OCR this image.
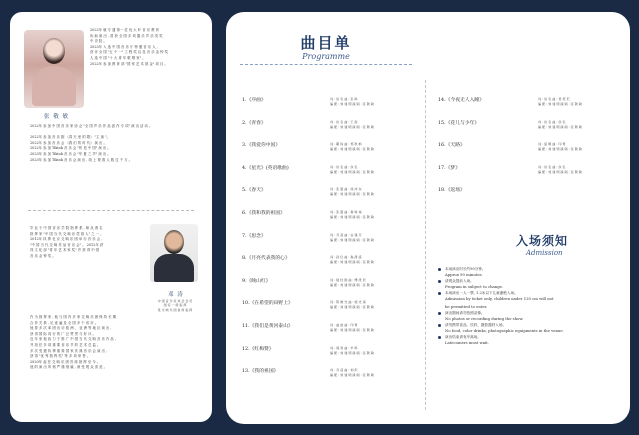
张 敬 敏
2022年 就 专 通 第一 佐 优 大 叶 音 乐 教 育
协 助 演 出 , 曾 获 全 国 多 项 器 乐 声 乐 类 奖
中 央 院 。
2023年 入 选 中 国 音 乐 厅 特 邀 音 乐 人 ,
获 评 全 国 "五 个 一" 工 程 奖 以 及 音 乐 金 钟 奖
人 选 中 国 "十 大 青 年 歌 唱 家" 。
2022年 参 加 教 育 部 "国 家 艺 术 基 金" 项 目 。
2022年 参 加 中 国 音 乐 家 协 会 "全 国 声 乐 作 品 创 作 专 项" 演 出 活 动 。

2022年 参 加 音 乐 剧 《春 天 里 的 歌》 "主 演 "。
2022年 参 加 音 乐 会 《我 们 的 时 代》 演 出 。
2022年 参 加 Tiktok 音 乐 会 "听 见 中 国" 演 出 。
2023年 参 加 Tiktok 音 乐 会 "华 夏 之 声" 演 出 。
2023年 参 加 Tiktok 音 乐 会 演 出 , 线 上 观 看 人 数 过 千 万 。
毕 业 于 中 国 音 乐 学 院 指 挥 系 , 师 从 著 名
指 挥 家 "中 国 当 代 交 响 乐 奠 基 人" 之 一 。
2012年 执 棒 北 京 交 响 乐 团 举 办 音 乐 会 ,
"中 国 当 代 交 响 作 品 音 乐 会" 。 2012年 获
得 文 化 部 "青 年 艺 术 家 奖" 并 获 得 中 国
音 乐 金 钟 奖 。
邓 涛
中 国 音 乐 家 协 会 会 员
国 家 一 级 指 挥
某 交 响 乐 团 首 席 指 挥
作 为 指 挥 家 , 他 与 国 内 多 家 交 响 乐 团 保 持 长 期
合 作 关 系 , 足 迹 遍 及 全 国 多 个 省 市 。
他 曾 多 次 率 团 出 访 欧 洲 、 亚 洲 等 地 区 演 出 ,
获 得 国 际 同 行 的 广 泛 赞 誉 与 好 评 。
近 年 来 他 致 力 于 推 广 中 国 当 代 交 响 音 乐 作 品 ,
并 担 任 多 项 重 要 音 乐 节 的 艺 术 总 监 。
多 次 受 邀 执 棒 重 要 国 家 庆 典 音 乐 会 演 出 ,
获 得 "优 秀 指 挥 奖" 等 多 项 荣 誉 。
2020年 起 任 交 响 乐 团 首 席 指 挥 至 今 。
他 的 演 出 风 格 严 谨 细 腻 , 深 受 观 众 喜 爱 。
曲目单
Programme
1.《序曲》	词 : 佚 名 曲 : 张 鸣
编 配 : 刘 建 明 演 唱 : 张 敬 敏
2.《青春》	词 : 佚 名 曲 : 王 南
编 配 : 刘 建 明 演 唱 : 张 敬 敏
3.《我爱你中国》	词 : 瞿 琮 曲 : 郑 秋 枫
编 配 : 刘 建 明 演 唱 : 张 敬 敏
4.《星光》(英语歌曲)	词 : 佚 名 曲 : 佚 名
编 配 : 刘 建 明 演 唱 : 张 敬 敏
5.《春天》	词 : 张 藜 曲 : 徐 沛 东
编 配 : 刘 建 明 演 唱 : 张 敬 敏
6.《我和我的祖国》	词 : 张 藜 曲 : 秦 咏 诚
编 配 : 刘 建 明 演 唱 : 张 敬 敏
7.《思念》	词 : 乔 羽 曲 : 谷 建 芬
编 配 : 刘 建 明 演 唱 : 张 敬 敏
8.《月亮代表我的心》	词 : 孙 仪 曲 : 翁 清 溪
编 配 : 刘 建 明 演 唱 : 张 敬 敏
9.《映山红》	词 : 陆 柱 国 曲 : 傅 庚 辰
编 配 : 刘 建 明 演 唱 : 张 敬 敏
10.《在希望的田野上》	词 : 陈 晓 光 曲 : 施 光 南
编 配 : 刘 建 明 演 唱 : 张 敬 敏
11.《我们是黄河泰山》	词 : 曲 波 曲 : 印 青
编 配 : 刘 建 明 演 唱 : 张 敬 敏
12.《红梅赞》	词 : 阎 肃 曲 : 羊 鸣
编 配 : 刘 建 明 演 唱 : 张 敬 敏
13.《我的祖国》	词 : 乔 羽 曲 : 刘 炽
编 配 : 刘 建 明 演 唱 : 张 敬 敏
14.《今夜无人入睡》	词 : 佚 名 曲 : 普 契 尼
编 配 : 刘 建 明 演 唱 : 张 敬 敏
15.《花儿与少年》	词 : 佚 名 曲 : 佚 名
编 配 : 刘 建 明 演 唱 : 张 敬 敏
16.《天路》	词 : 屈 塬 曲 : 印 青
编 配 : 刘 建 明 演 唱 : 张 敬 敏
17.《梦》	词 : 佚 名 曲 : 佚 名
编 配 : 刘 建 明 演 唱 : 张 敬 敏
18.《返场》
入场须知
Admission
本场演出时长约90分钟。
Approx 90 minutes.
请观众提前入场。
Program in subject to change.
本场演出一人一票, 1.2米以下儿童谢绝入场。
Admission by ticket only, children under 120 cm will not
be permitted to enter.
演出期间请勿拍照录像。
No photos or recording during the show.
请勿携带食品、饮料、摄影器材入场。
No food, color drinks, photographic equipments in the venue.
演出结束请有序离场。
Latecomers must wait.
